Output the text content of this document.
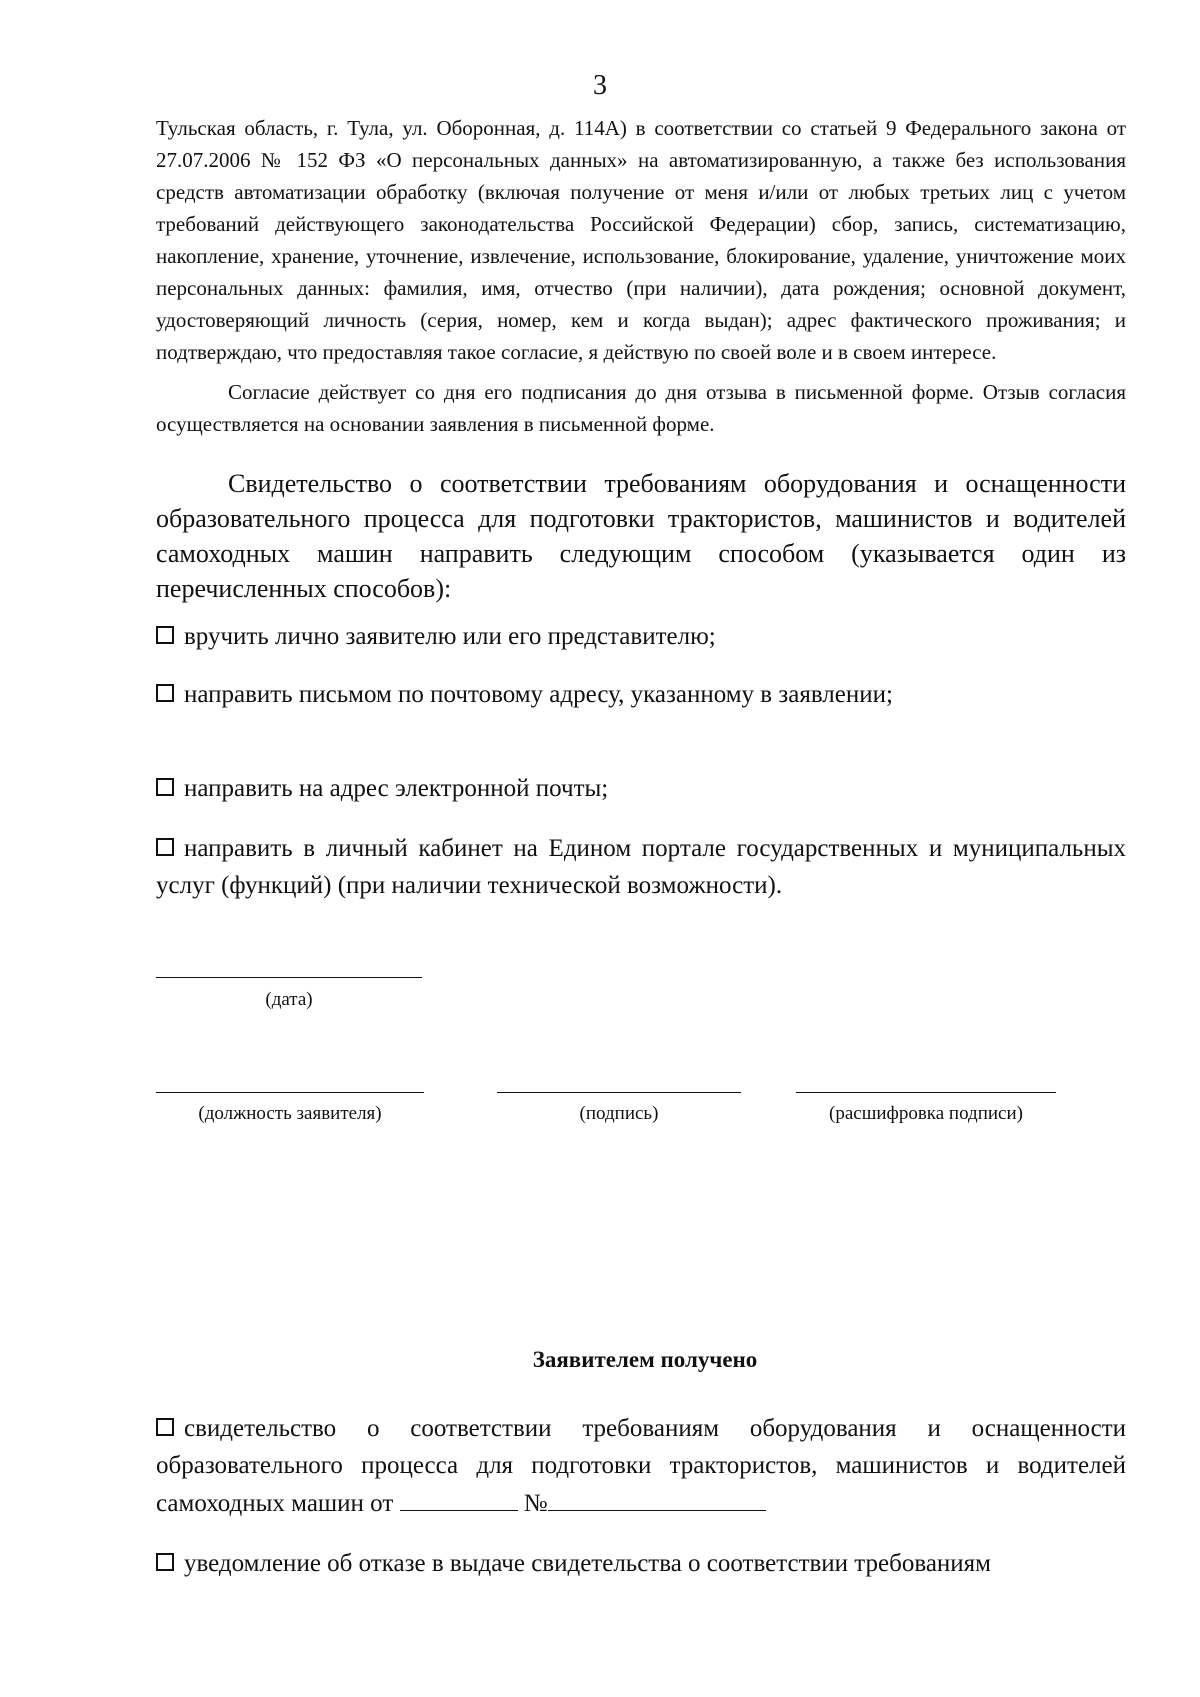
3

Тульская область, г. Тула, ул. Оборонная, д. 114А) в соответствии со статьей 9 Федерального закона от 27.07.2006 № 152 ФЗ «О персональных данных» на автоматизированную, а также без использования средств автоматизации обработку (включая получение от меня и/или от любых третьих лиц с учетом требований действующего законодательства Российской Федерации) сбор, запись, систематизацию, накопление, хранение, уточнение, извлечение, использование, блокирование, удаление, уничтожение моих персональных данных: фамилия, имя, отчество (при наличии), дата рождения; основной документ, удостоверяющий личность (серия, номер, кем и когда выдан); адрес фактического проживания; и подтверждаю, что предоставляя такое согласие, я действую по своей воле и в своем интересе.

Согласие действует со дня его подписания до дня отзыва в письменной форме. Отзыв согласия осуществляется на основании заявления в письменной форме.

Свидетельство о соответствии требованиям оборудования и оснащенности образовательного процесса для подготовки трактористов, машинистов и водителей самоходных машин направить следующим способом (указывается один из перечисленных способов):

вручить лично заявителю или его представителю;

направить письмом по почтовому адресу, указанному в заявлении;

направить на адрес электронной почты;

направить в личный кабинет на Едином портале государственных и муниципальных услуг (функций) (при наличии технической возможности).

(дата)
(должность заявителя)	(подпись)	(расшифровка подписи)
Заявителем получено

свидетельство о соответствии требованиям оборудования и оснащенности образовательного процесса для подготовки трактористов, машинистов и водителей самоходных машин от	№

уведомление об отказе в выдаче свидетельства о соответствии требованиям
